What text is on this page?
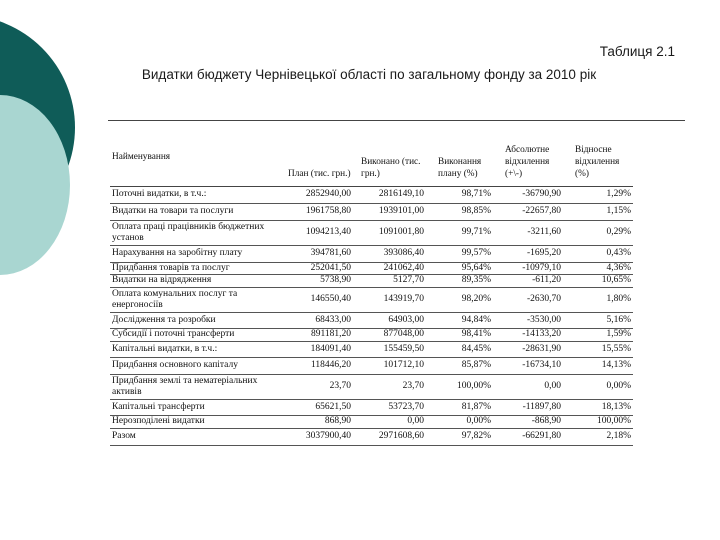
Таблиця 2.1
Видатки бюджету Чернівецької області по загальному фонду за 2010 рік
Найменування	План (тис. грн.)	Виконано (тис. грн.)	Виконання плану (%)	Абсолютне відхилення (+\-)	Відносне відхилення (%)
Поточні видатки, в т.ч.:	2852940,00	2816149,10	98,71%	-36790,90	1,29%
Видатки на товари та послуги	1961758,80	1939101,00	98,85%	-22657,80	1,15%
Оплата праці працівників бюджетних установ	1094213,40	1091001,80	99,71%	-3211,60	0,29%
Нарахування на заробітну плату	394781,60	393086,40	99,57%	-1695,20	0,43%
Придбання товарів та послуг	252041,50	241062,40	95,64%	-10979,10	4,36%
Видатки на відрядження	5738,90	5127,70	89,35%	-611,20	10,65%
Оплата комунальних послуг та енергоносіїв	146550,40	143919,70	98,20%	-2630,70	1,80%
Дослідження та розробки	68433,00	64903,00	94,84%	-3530,00	5,16%
Субсидії і поточні трансферти	891181,20	877048,00	98,41%	-14133,20	1,59%
Капітальні видатки, в т.ч.:	184091,40	155459,50	84,45%	-28631,90	15,55%
Придбання основного капіталу	118446,20	101712,10	85,87%	-16734,10	14,13%
Придбання землі та нематеріальних активів	23,70	23,70	100,00%	0,00	0,00%
Капітальні трансферти	65621,50	53723,70	81,87%	-11897,80	18,13%
Нерозподілені видатки	868,90	0,00	0,00%	-868,90	100,00%
Разом	3037900,40	2971608,60	97,82%	-66291,80	2,18%
